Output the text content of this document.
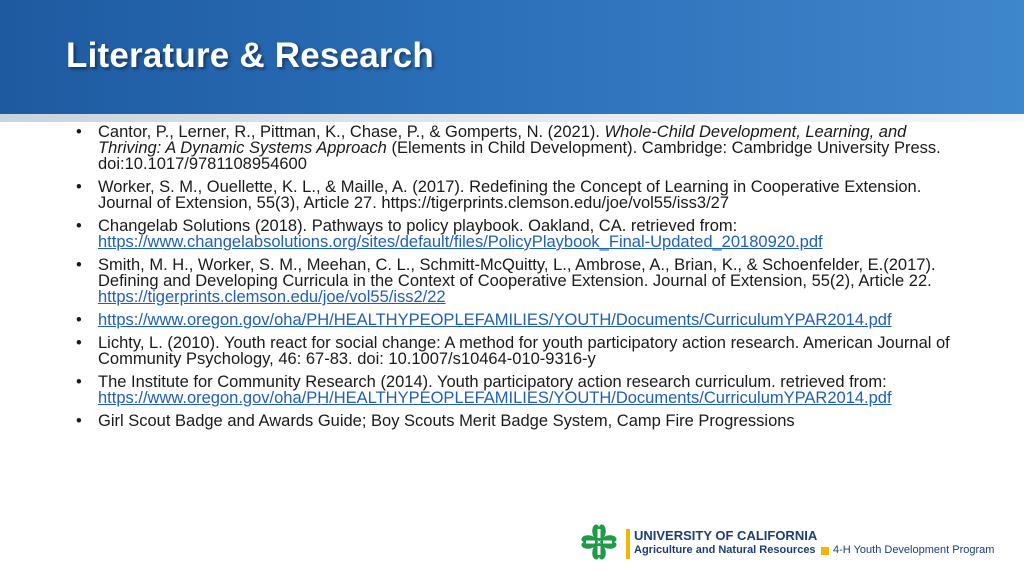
Literature & Research
• Cantor, P., Lerner, R., Pittman, K., Chase, P., & Gomperts, N. (2021). Whole-Child Development, Learning, and Thriving: A Dynamic Systems Approach (Elements in Child Development). Cambridge: Cambridge University Press. doi:10.1017/9781108954600
• Worker, S. M., Ouellette, K. L., & Maille, A. (2017). Redefining the Concept of Learning in Cooperative Extension. Journal of Extension, 55(3), Article 27. https://tigerprints.clemson.edu/joe/vol55/iss3/27
• Changelab Solutions (2018). Pathways to policy playbook. Oakland, CA. retrieved from: https://www.changelabsolutions.org/sites/default/files/PolicyPlaybook_Final-Updated_20180920.pdf
• Smith, M. H., Worker, S. M., Meehan, C. L., Schmitt-McQuitty, L., Ambrose, A., Brian, K., & Schoenfelder, E.(2017). Defining and Developing Curricula in the Context of Cooperative Extension. Journal of Extension, 55(2), Article 22. https://tigerprints.clemson.edu/joe/vol55/iss2/22
• https://www.oregon.gov/oha/PH/HEALTHYPEOPLEFAMILIES/YOUTH/Documents/CurriculumYPAR2014.pdf
• Lichty, L. (2010). Youth react for social change: A method for youth participatory action research. American Journal of Community Psychology, 46: 67-83. doi: 10.1007/s10464-010-9316-y
• The Institute for Community Research (2014). Youth participatory action research curriculum. retrieved from: https://www.oregon.gov/oha/PH/HEALTHYPEOPLEFAMILIES/YOUTH/Documents/CurriculumYPAR2014.pdf
• Girl Scout Badge and Awards Guide; Boy Scouts Merit Badge System, Camp Fire Progressions
UNIVERSITY OF CALIFORNIA
Agriculture and Natural Resources 4-H Youth Development Program
